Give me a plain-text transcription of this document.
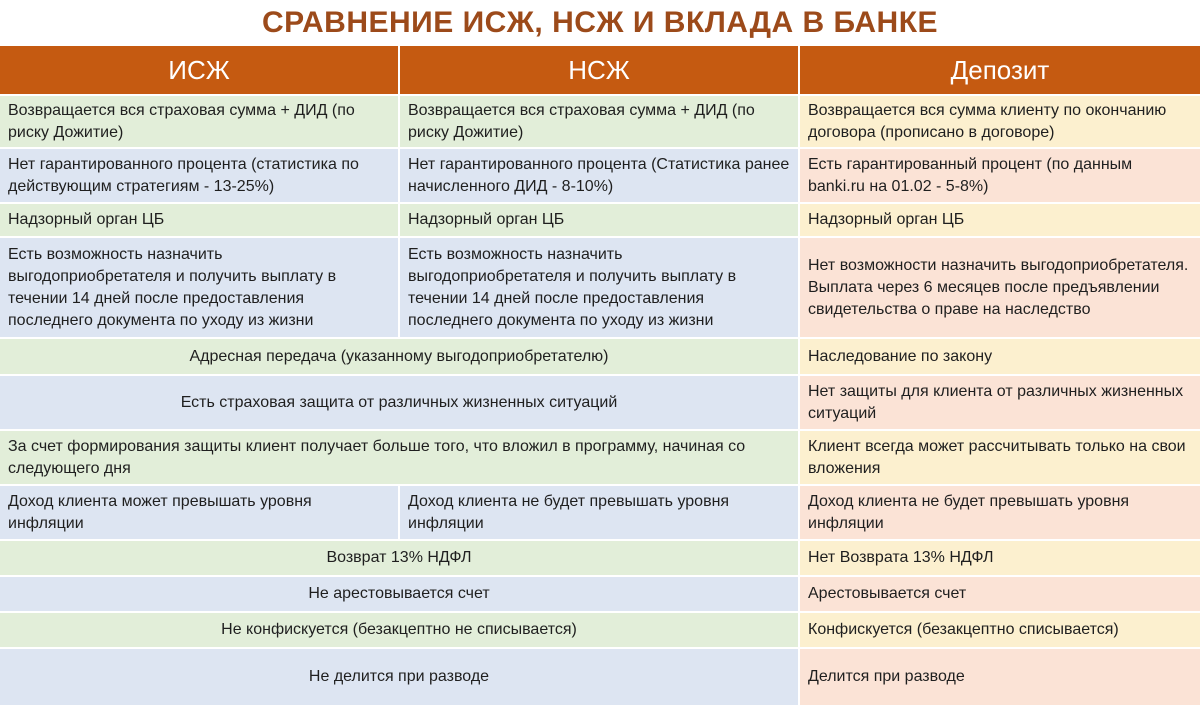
СРАВНЕНИЕ ИСЖ, НСЖ И ВКЛАДА В БАНКЕ
ИСЖ	НСЖ	Депозит
Возвращается вся страховая сумма + ДИД (по риску Дожитие)	Возвращается вся страховая сумма + ДИД (по риску Дожитие)	Возвращается вся сумма клиенту по окончанию договора (прописано в договоре)
Нет гарантированного процента (статистика по действующим стратегиям - 13-25%)	Нет гарантированного процента (Статистика ранее начисленного ДИД - 8-10%)	Есть гарантированный процент (по данным banki.ru на 01.02 - 5-8%)
Надзорный орган ЦБ	Надзорный орган ЦБ	Надзорный орган ЦБ
Есть возможность назначить выгодоприобретателя и получить выплату в течении 14 дней после предоставления последнего документа по уходу из жизни	Есть возможность назначить выгодоприобретателя и получить выплату в течении 14 дней после предоставления последнего документа по уходу из жизни	Нет возможности назначить выгодоприобретателя. Выплата через 6 месяцев после предъявлении свидетельства о праве на наследство
Адресная передача (указанному выгодоприобретателю)		Наследование по закону
Есть страховая защита от различных жизненных ситуаций		Нет защиты для клиента от различных жизненных ситуаций
За счет формирования защиты клиент получает больше того, что вложил в программу, начиная со следующего дня		Клиент всегда может рассчитывать только на свои вложения
Доход клиента может превышать уровня инфляции	Доход клиента не будет превышать уровня инфляции	Доход клиента не будет превышать уровня инфляции
Возврат 13% НДФЛ		Нет Возврата 13% НДФЛ
Не арестовывается счет		Арестовывается счет
Не конфискуется (безакцептно не списывается)		Конфискуется (безакцептно списывается)
Не делится при разводе		Делится при разводе
